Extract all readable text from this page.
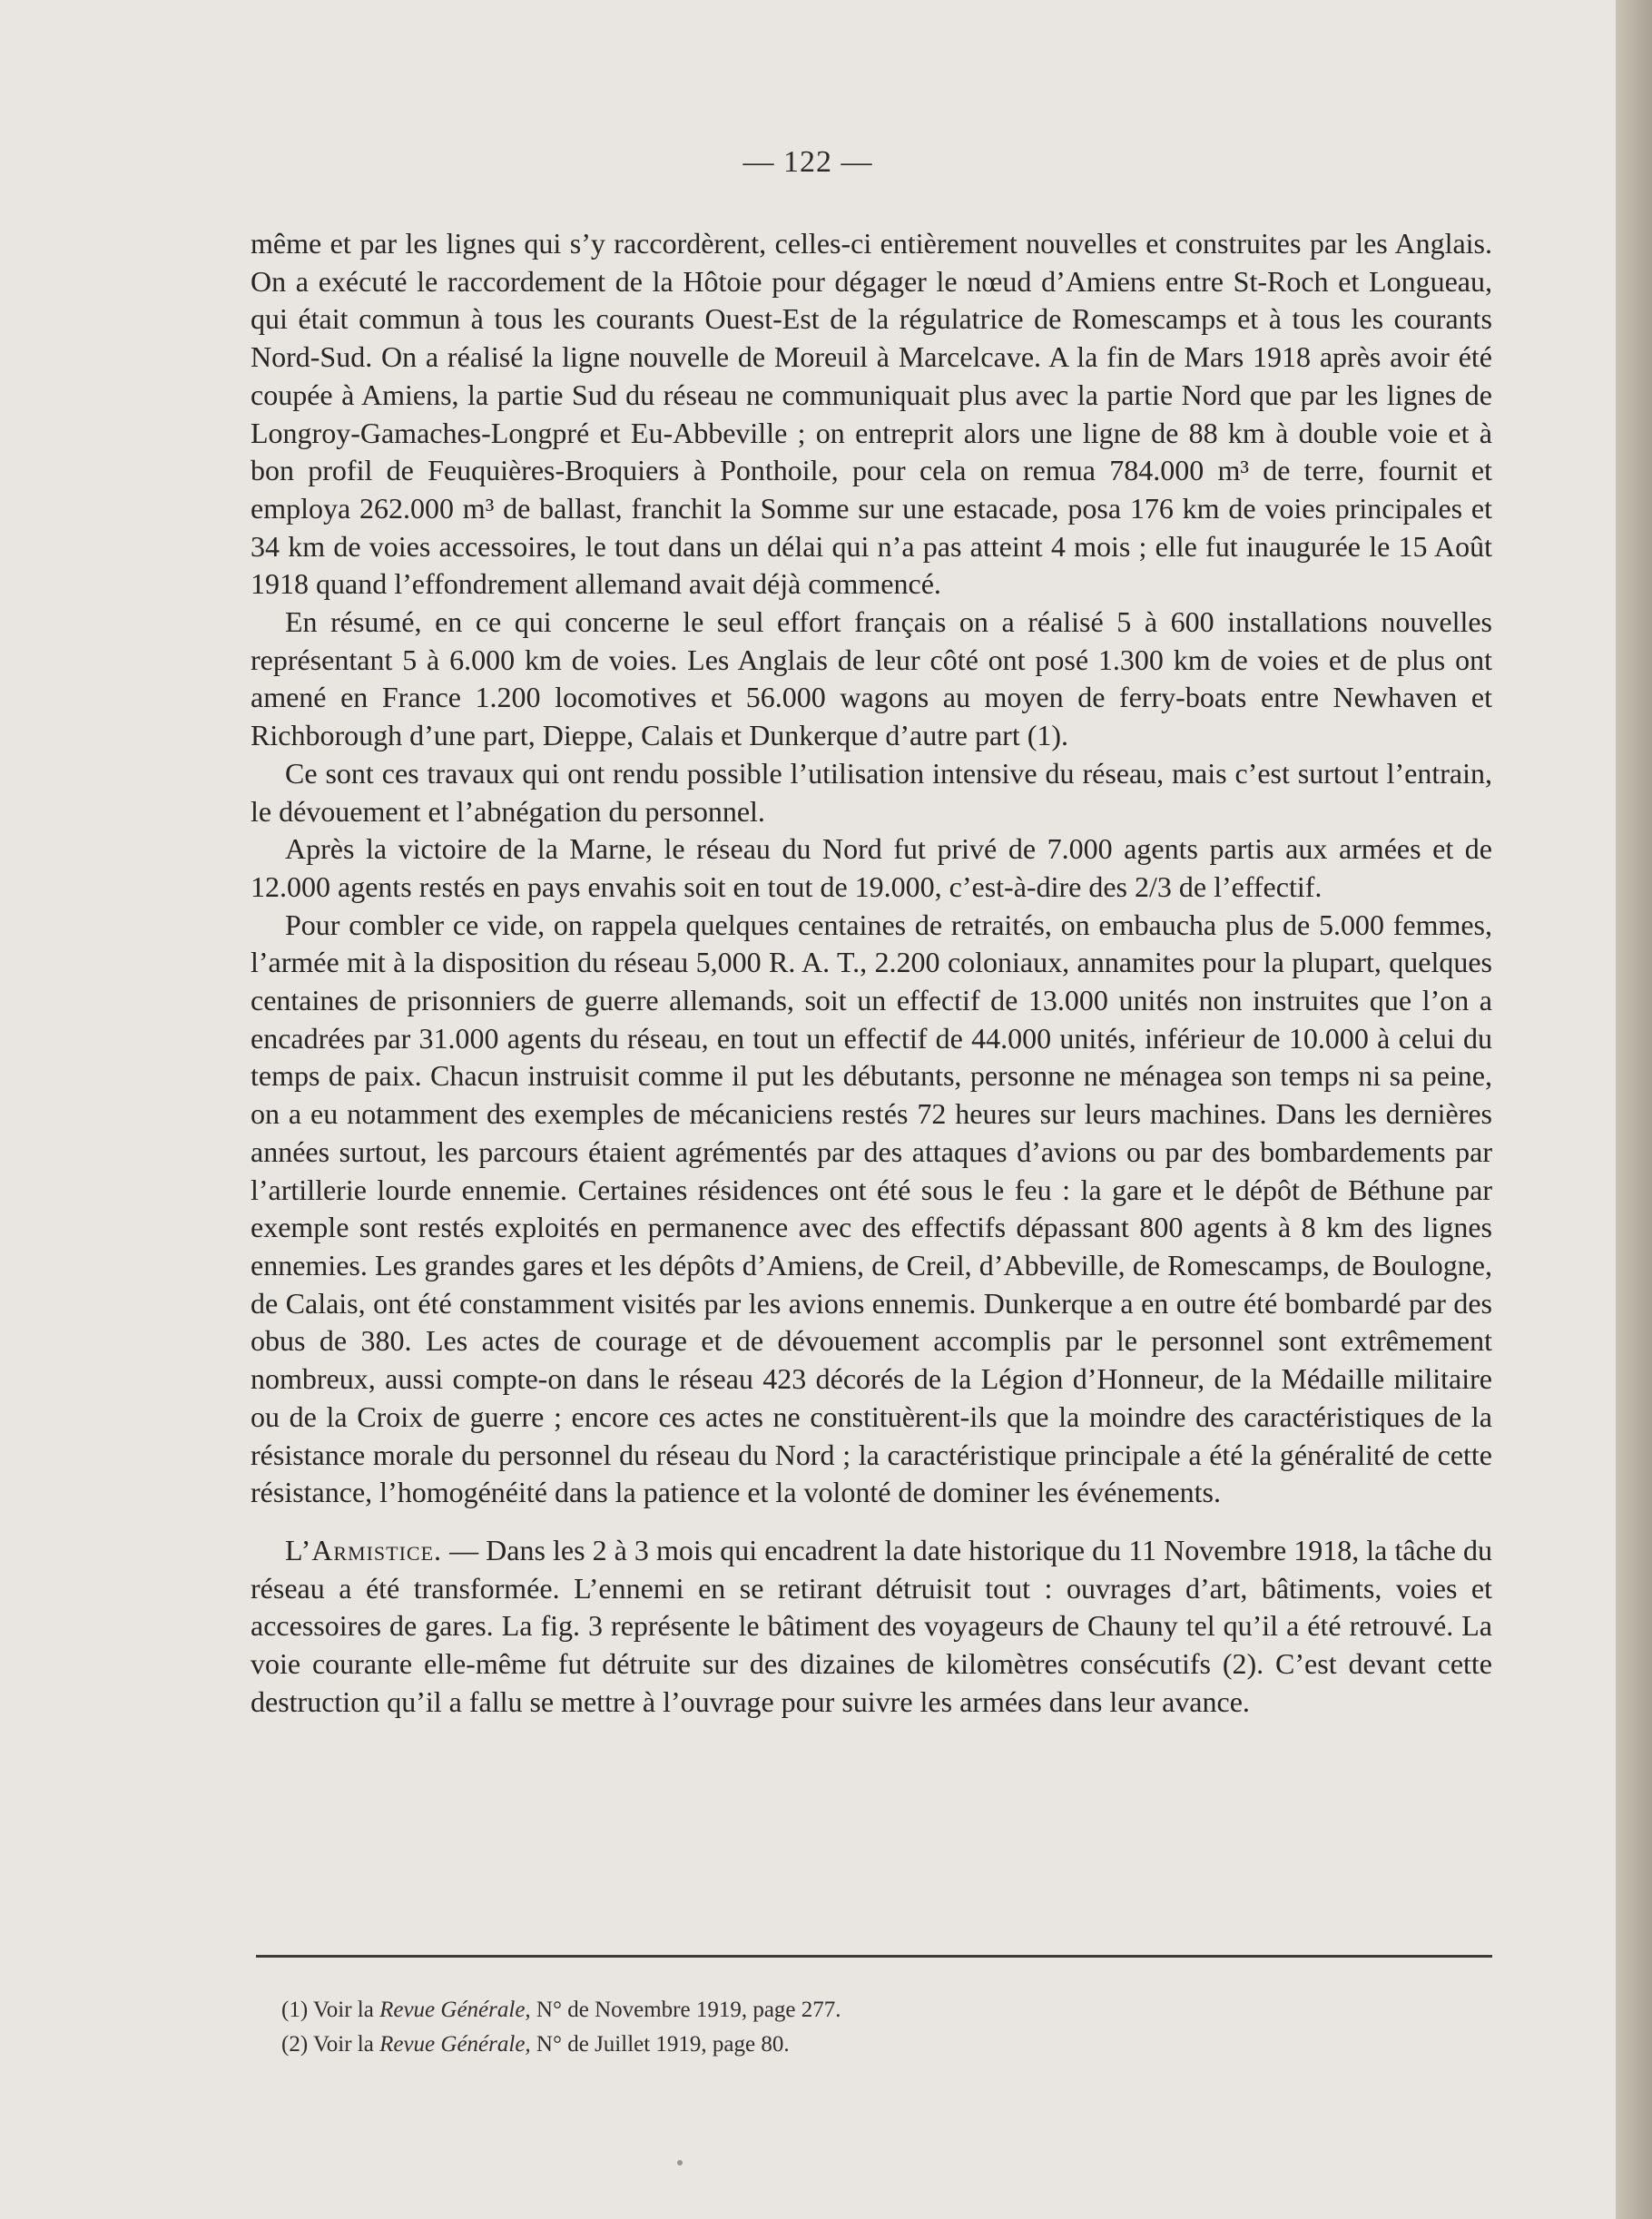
— 122 —

même et par les lignes qui s’y raccordèrent, celles-ci entièrement nouvelles et construites par les Anglais. On a exécuté le raccordement de la Hôtoie pour dégager le nœud d’Amiens entre St-Roch et Longueau, qui était commun à tous les courants Ouest-Est de la régulatrice de Romescamps et à tous les courants Nord-Sud. On a réalisé la ligne nouvelle de Moreuil à Marcelcave. A la fin de Mars 1918 après avoir été coupée à Amiens, la partie Sud du réseau ne communiquait plus avec la partie Nord que par les lignes de Longroy-Gamaches-Longpré et Eu-Abbeville ; on entreprit alors une ligne de 88 km à double voie et à bon profil de Feuquières-Broquiers à Ponthoile, pour cela on remua 784.000 m³ de terre, fournit et employa 262.000 m³ de ballast, franchit la Somme sur une estacade, posa 176 km de voies principales et 34 km de voies accessoires, le tout dans un délai qui n’a pas atteint 4 mois ; elle fut inaugurée le 15 Août 1918 quand l’effondrement allemand avait déjà commencé.

En résumé, en ce qui concerne le seul effort français on a réalisé 5 à 600 installations nouvelles représentant 5 à 6.000 km de voies. Les Anglais de leur côté ont posé 1.300 km de voies et de plus ont amené en France 1.200 locomotives et 56.000 wagons au moyen de ferry-boats entre Newhaven et Richborough d’une part, Dieppe, Calais et Dunkerque d’autre part (1).

Ce sont ces travaux qui ont rendu possible l’utilisation intensive du réseau, mais c’est surtout l’entrain, le dévouement et l’abnégation du personnel.

Après la victoire de la Marne, le réseau du Nord fut privé de 7.000 agents partis aux armées et de 12.000 agents restés en pays envahis soit en tout de 19.000, c’est-à-dire des 2/3 de l’effectif.

Pour combler ce vide, on rappela quelques centaines de retraités, on embaucha plus de 5.000 femmes, l’armée mit à la disposition du réseau 5,000 R. A. T., 2.200 coloniaux, annamites pour la plupart, quelques centaines de prisonniers de guerre allemands, soit un effectif de 13.000 unités non instruites que l’on a encadrées par 31.000 agents du réseau, en tout un effectif de 44.000 unités, inférieur de 10.000 à celui du temps de paix. Chacun instruisit comme il put les débutants, personne ne ménagea son temps ni sa peine, on a eu notamment des exemples de mécaniciens restés 72 heures sur leurs machines. Dans les dernières années surtout, les parcours étaient agrémentés par des attaques d’avions ou par des bombardements par l’artillerie lourde ennemie. Certaines résidences ont été sous le feu : la gare et le dépôt de Béthune par exemple sont restés exploités en permanence avec des effectifs dépassant 800 agents à 8 km des lignes ennemies. Les grandes gares et les dépôts d’Amiens, de Creil, d’Abbeville, de Romescamps, de Boulogne, de Calais, ont été constamment visités par les avions ennemis. Dunkerque a en outre été bombardé par des obus de 380. Les actes de courage et de dévouement accomplis par le personnel sont extrêmement nombreux, aussi compte-on dans le réseau 423 décorés de la Légion d’Honneur, de la Médaille militaire ou de la Croix de guerre ; encore ces actes ne constituèrent-ils que la moindre des caractéristiques de la résistance morale du personnel du réseau du Nord ; la caractéristique principale a été la généralité de cette résistance, l’homogénéité dans la patience et la volonté de dominer les événements.

L’Armistice. — Dans les 2 à 3 mois qui encadrent la date historique du 11 Novembre 1918, la tâche du réseau a été transformée. L’ennemi en se retirant détruisit tout : ouvrages d’art, bâtiments, voies et accessoires de gares. La fig. 3 représente le bâtiment des voyageurs de Chauny tel qu’il a été retrouvé. La voie courante elle-même fut détruite sur des dizaines de kilomètres consécutifs (2). C’est devant cette destruction qu’il a fallu se mettre à l’ouvrage pour suivre les armées dans leur avance.

(1) Voir la Revue Générale, N° de Novembre 1919, page 277.
(2) Voir la Revue Générale, N° de Juillet 1919, page 80.
